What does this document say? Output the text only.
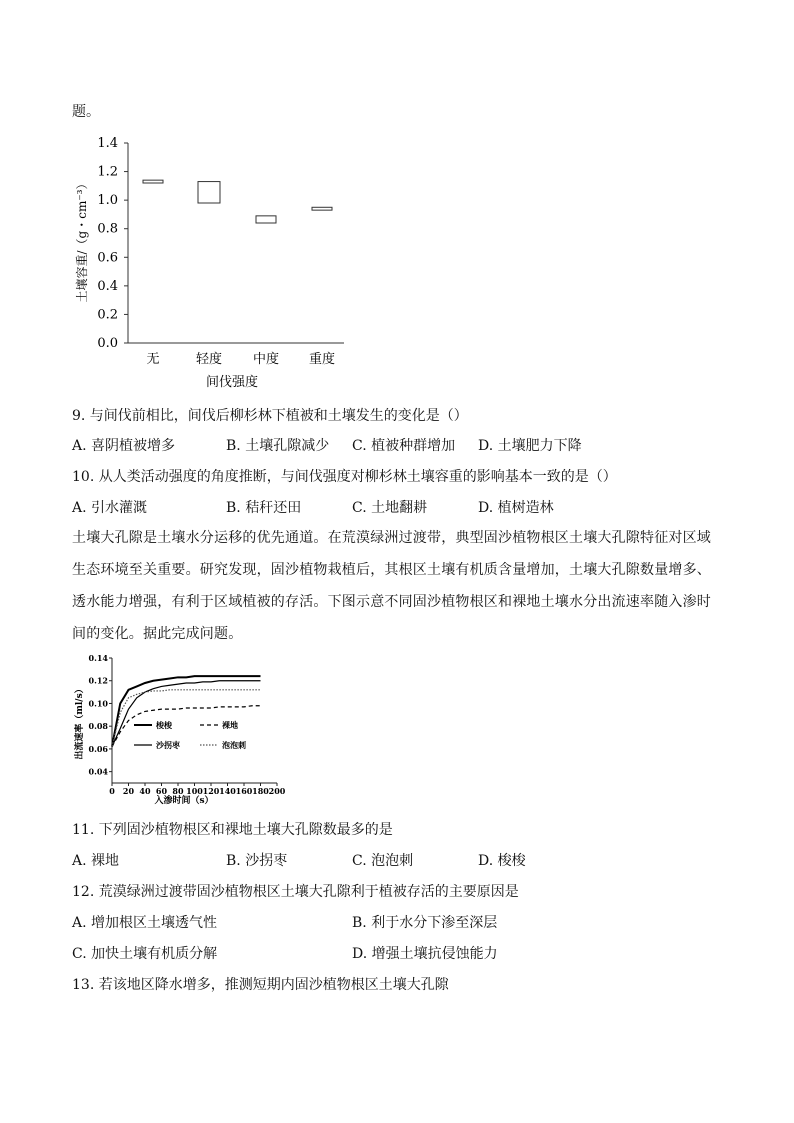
题。
0.0
0.2
0.4
0.6
0.8
1.0
1.2
1.4
无	轻度 中度 重度
土壤容重/（g・cm⁻³）
间伐强度
9. 与间伐前相比，间伐后柳杉林下植被和土壤发生的变化是（）
A. 喜阴植被增多	B. 土壤孔隙减少 C. 植被种群增加 D. 土壤肥力下降
10. 从人类活动强度的角度推断，与间伐强度对柳杉林土壤容重的影响基本一致的是（）
A. 引水灌溉	B. 秸秆还田	C. 土地翻耕	D. 植树造林
土壤大孔隙是土壤水分运移的优先通道。在荒漠绿洲过渡带，典型固沙植物根区土壤大孔隙特征对区域生态环境至关重要。研究发现，固沙植物栽植后，其根区土壤有机质含量增加，土壤大孔隙数量增多、透水能力增强，有利于区域植被的存活。下图示意不同固沙植物根区和裸地土壤水分出流速率随入渗时间的变化。据此完成问题。
0.04
0.06
0.08
0.10
0.12
0.14
0 20 40 60 80 100 120 140 160 180 200
梭梭	裸地
沙拐枣	泡泡刺
出流速率（ml/s）
入渗时间（s）
11. 下列固沙植物根区和裸地土壤大孔隙数最多的是
A. 裸地	B. 沙拐枣	C. 泡泡刺	D. 梭梭
12. 荒漠绿洲过渡带固沙植物根区土壤大孔隙利于植被存活的主要原因是
A. 增加根区土壤透气性	B. 利于水分下渗至深层
C. 加快土壤有机质分解	D. 增强土壤抗侵蚀能力
13. 若该地区降水增多，推测短期内固沙植物根区土壤大孔隙
